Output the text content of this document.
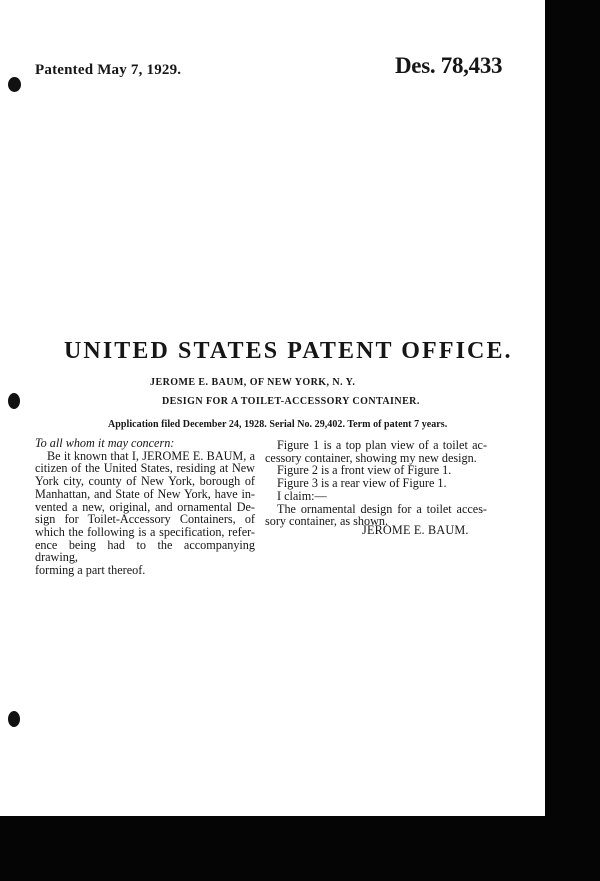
Patented May 7, 1929.	Des. 78,433
UNITED STATES PATENT OFFICE.
JEROME E. BAUM, OF NEW YORK, N. Y.
DESIGN FOR A TOILET-ACCESSORY CONTAINER.
Application filed December 24, 1928. Serial No. 29,402. Term of patent 7 years.
To all whom it may concern:
Be it known that I, JEROME E. BAUM, a
citizen of the United States, residing at New
York city, county of New York, borough of
Manhattan, and State of New York, have in-
vented a new, original, and ornamental De-
sign for Toilet-Accessory Containers, of
which the following is a specification, refer-
ence being had to the accompanying drawing,
forming a part thereof.
Figure 1 is a top plan view of a toilet ac-
cessory container, showing my new design.
Figure 2 is a front view of Figure 1.
Figure 3 is a rear view of Figure 1.
I claim:—
The ornamental design for a toilet acces-
sory container, as shown.
JEROME E. BAUM.
